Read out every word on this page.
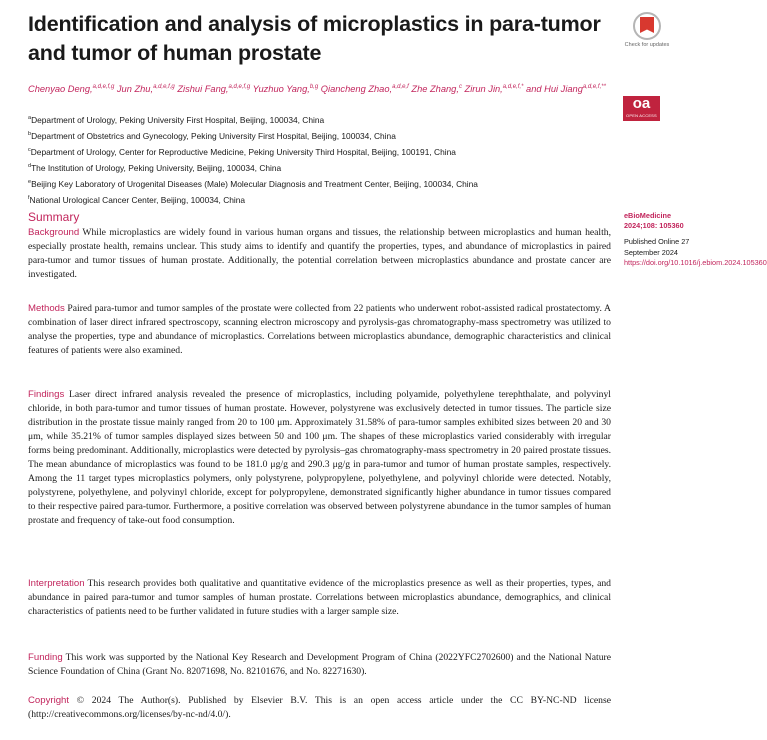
Identification and analysis of microplastics in para-tumor and tumor of human prostate	Check for updates
Chenyao Deng,$^{a,d,e,f,g}$ Jun Zhu,$^{a,d,e,f,g}$ Zishui Fang,$^{a,d,e,f,g}$ Yuzhuo Yang,$^{b,g}$ Qiancheng Zhao,$^{a,d,e,f}$ Zhe Zhang,$^c$ Zirun Jin,$^{a,d,e,f,*}$ and Hui Jiang$^{a,d,e,f,**}$
oa
OPEN ACCESS
$^a$Department of Urology, Peking University First Hospital, Beijing, 100034, China
$^b$Department of Obstetrics and Gynecology, Peking University First Hospital, Beijing, 100034, China
$^c$Department of Urology, Center for Reproductive Medicine, Peking University Third Hospital, Beijing, 100191, China
$^d$The Institution of Urology, Peking University, Beijing, 100034, China
$^e$Beijing Key Laboratory of Urogenital Diseases (Male) Molecular Diagnosis and Treatment Center, Beijing, 100034, China
$^f$National Urological Cancer Center, Beijing, 100034, China
Summary

Background While microplastics are widely found in various human organs and tissues, the relationship between microplastics and human health, especially prostate health, remains unclear. This study aims to identify and quantify the properties, types, and abundance of microplastics in paired para-tumor and tumor tissues of human prostate. Additionally, the potential correlation between microplastics abundance and prostate cancer are investigated.

Methods Paired para-tumor and tumor samples of the prostate were collected from 22 patients who underwent robot-assisted radical prostatectomy. A combination of laser direct infrared spectroscopy, scanning electron microscopy and pyrolysis-gas chromatography-mass spectrometry was utilized to analyse the properties, type and abundance of microplastics. Correlations between microplastics abundance, demographic characteristics and clinical features of patients were also examined.

Findings Laser direct infrared analysis revealed the presence of microplastics, including polyamide, polyethylene terephthalate, and polyvinyl chloride, in both para-tumor and tumor tissues of human prostate. However, polystyrene was exclusively detected in tumor tissues. The particle size distribution in the prostate tissue mainly ranged from 20 to 100 μm. Approximately 31.58% of para-tumor samples exhibited sizes between 20 and 30 μm, while 35.21% of tumor samples displayed sizes between 50 and 100 μm. The shapes of these microplastics varied considerably with irregular forms being predominant. Additionally, microplastics were detected by pyrolysis–gas chromatography-mass spectrometry in 20 paired prostate tissues. The mean abundance of microplastics was found to be 181.0 μg/g and 290.3 μg/g in para-tumor and tumor of human prostate samples, respectively. Among the 11 target types microplastics polymers, only polystyrene, polypropylene, polyethylene, and polyvinyl chloride were detected. Notably, polystyrene, polyethylene, and polyvinyl chloride, except for polypropylene, demonstrated significantly higher abundance in tumor tissues compared to their respective paired para-tumor. Furthermore, a positive correlation was observed between polystyrene abundance in the tumor samples of human prostate and frequency of take-out food consumption.

Interpretation This research provides both qualitative and quantitative evidence of the microplastics presence as well as their properties, types, and abundance in paired para-tumor and tumor samples of human prostate. Correlations between microplastics abundance, demographics, and clinical characteristics of patients need to be further validated in future studies with a larger sample size.

Funding This work was supported by the National Key Research and Development Program of China (2022YFC2702600) and the National Nature Science Foundation of China (Grant No. 82071698, No. 82101676, and No. 82271630).

Copyright © 2024 The Author(s). Published by Elsevier B.V. This is an open access article under the CC BY-NC-ND license (http://creativecommons.org/licenses/by-nc-nd/4.0/).

eBioMedicine
2024;108: 105360
Published Online 27 September 2024
https://doi.org/10.1016/j.ebiom.2024.105360
